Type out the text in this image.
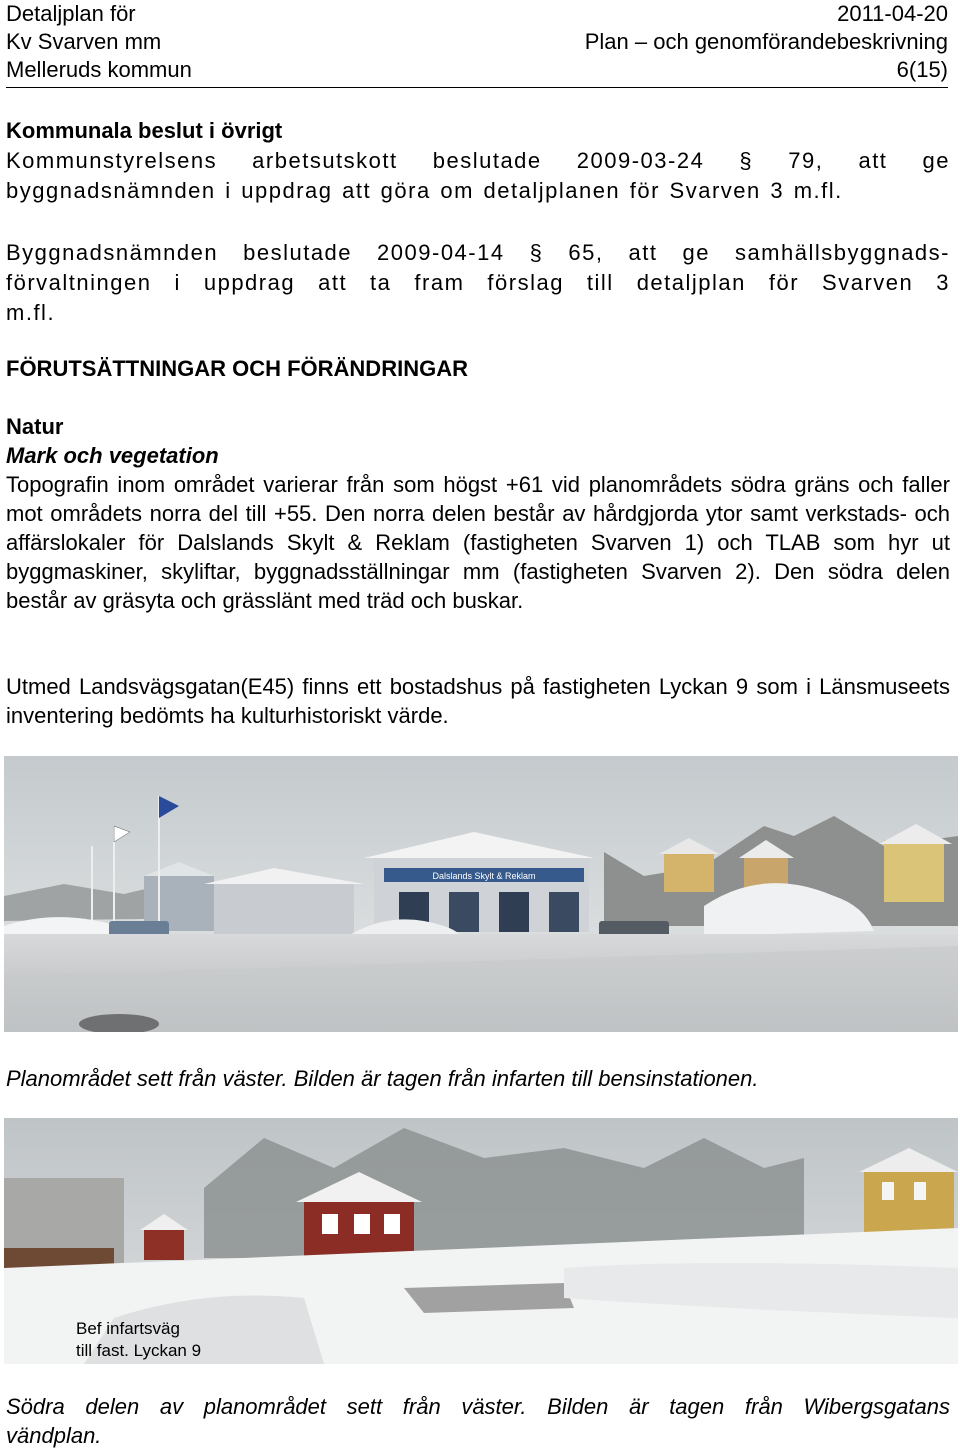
Detaljplan för	2011-04-20
Kv Svarven mm	Plan – och genomförandebeskrivning
Melleruds kommun	6(15)
Kommunala beslut i övrigt
Kommunstyrelsens arbetsutskott beslutade 2009-03-24 § 79, att ge
byggnadsnämnden i uppdrag att göra om detaljplanen för Svarven 3 m.fl.
Byggnadsnämnden beslutade 2009-04-14 § 65, att ge samhällsbyggnads-
förvaltningen i uppdrag att ta fram förslag till detaljplan för Svarven 3
m.fl.
FÖRUTSÄTTNINGAR OCH FÖRÄNDRINGAR
Natur
Mark och vegetation
Topografin inom området varierar från som högst +61 vid planområdets södra gräns och faller mot områdets norra del till +55. Den norra delen består av hårdgjorda ytor samt verkstads- och affärslokaler för Dalslands Skylt & Reklam (fastigheten Svarven 1) och TLAB som hyr ut byggmaskiner, skyliftar, byggnadsställningar mm (fastigheten Svarven 2). Den södra delen består av gräsyta och grässlänt med träd och buskar.
Utmed Landsvägsgatan(E45) finns ett bostadshus på fastigheten Lyckan 9 som i Länsmuseets inventering bedömts ha kulturhistoriskt värde.
Dalslands Skylt & Reklam
Planområdet sett från väster. Bilden är tagen från infarten till bensinstationen.
Bef infartsväg
till fast. Lyckan 9
Södra delen av planområdet sett från väster. Bilden är tagen från Wibergsgatans
vändplan.
